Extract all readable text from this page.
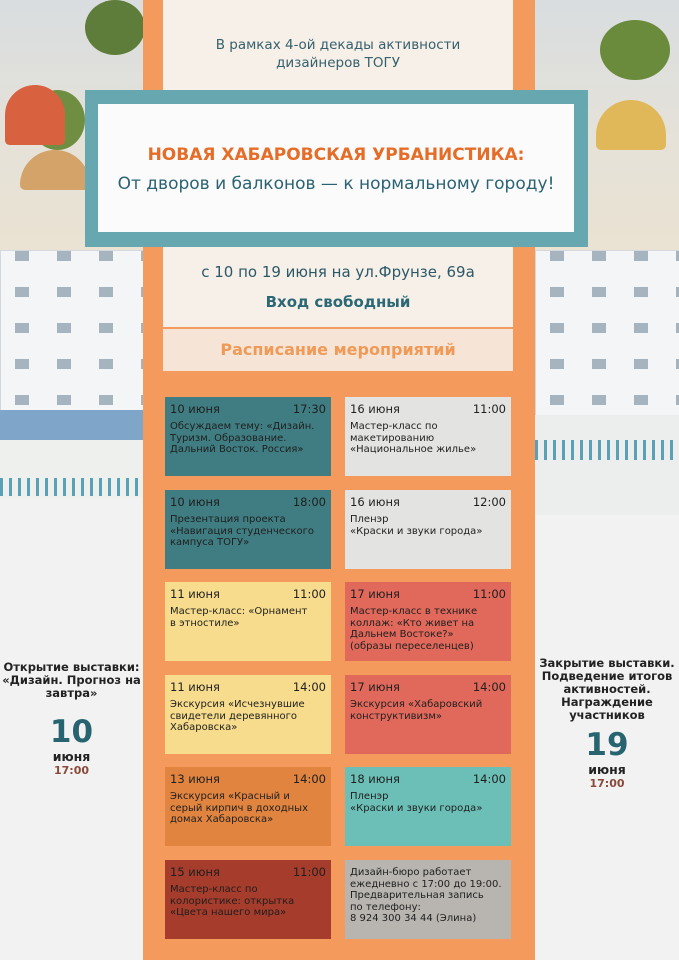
В рамках 4-ой декады активности
дизайнеров ТОГУ
НОВАЯ ХАБАРОВСКАЯ УРБАНИСТИКА:
От дворов и балконов — к нормальному городу!
с 10 по 19 июня на ул.Фрунзе, 69а
Вход свободный
Расписание мероприятий
10 июня	17:30
Обсуждаем тему: «Дизайн.
Туризм. Образование.
Дальний Восток. Россия»
10 июня	18:00
Презентация проекта
«Навигация студенческого
кампуса ТОГУ»
11 июня	11:00
Мастер-класс: «Орнамент
в этностиле»
11 июня	14:00
Экскурсия «Исчезнувшие
свидетели деревянного
Хабаровска»
13 июня	14:00
Экскурсия «Красный и
серый кирпич в доходных
домах Хабаровска»
15 июня	11:00
Мастер-класс по
колористике: открытка
«Цвета нашего мира»
16 июня	11:00
Мастер-класс по
макетированию
«Национальное жилье»
16 июня	12:00
Пленэр
«Краски и звуки города»
17 июня	11:00
Мастер-класс в технике
коллаж: «Кто живет на
Дальнем Востоке?»
(образы переселенцев)
17 июня	14:00
Экскурсия «Хабаровский
конструктивизм»
18 июня	14:00
Пленэр
«Краски и звуки города»
Дизайн-бюро работает
ежедневно с 17:00 до 19:00.
Предварительная запись
по телефону:
8 924 300 34 44 (Элина)
Открытие выставки:
«Дизайн. Прогноз на
завтра»
10
июня
17:00
Закрытие выставки.
Подведение итогов
активностей.
Награждение
участников
19
июня
17:00
